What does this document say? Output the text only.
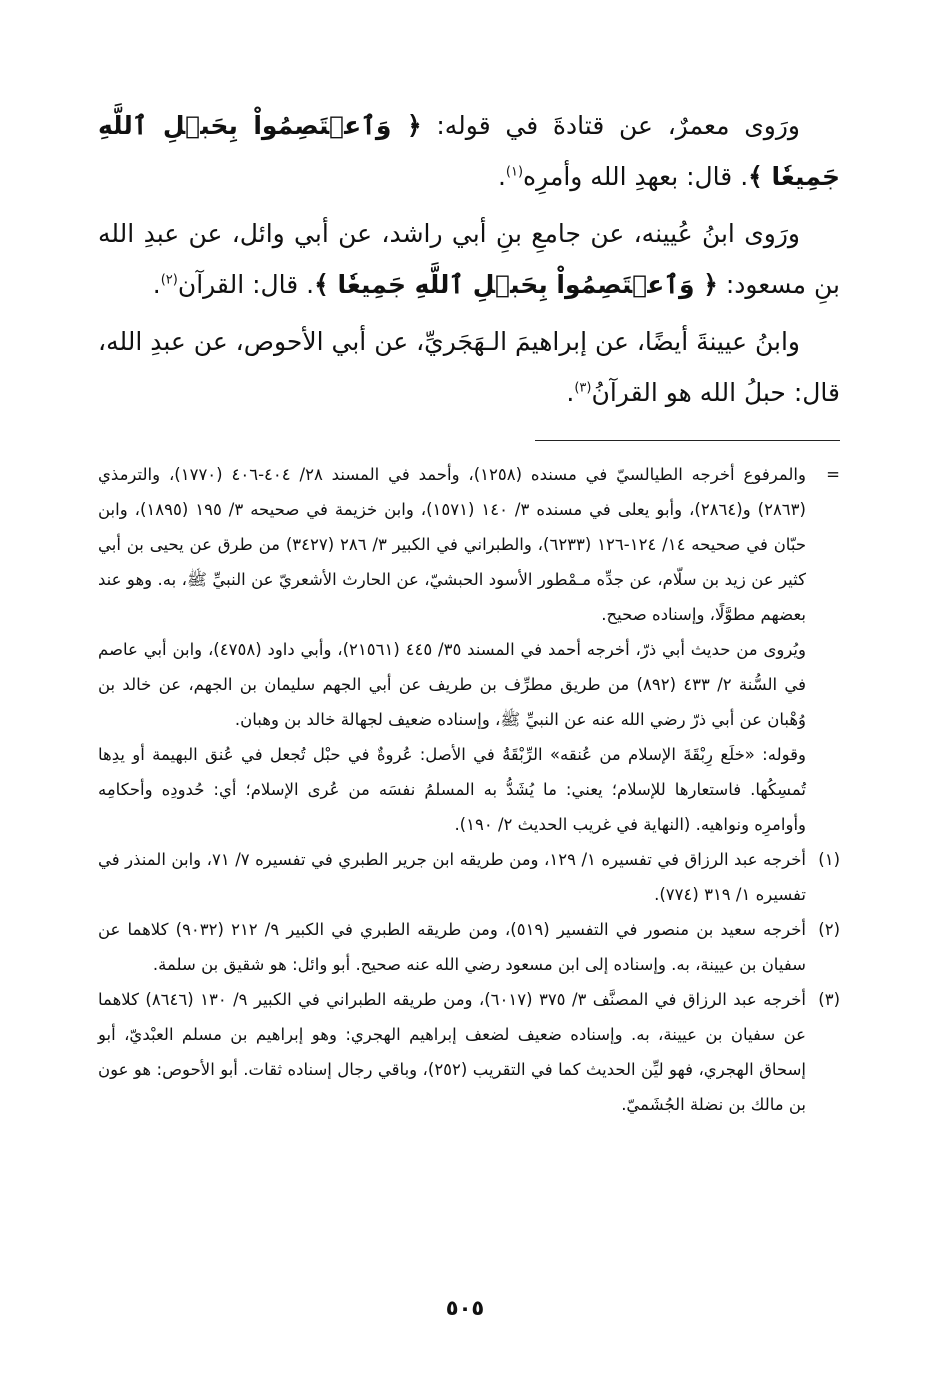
ورَوى معمرٌ، عن قتادةَ في قوله: ﴿ وَٱعۡتَصِمُواْ بِحَبۡلِ ٱللَّهِ جَمِيعٗا ﴾. قال: بعهدِ الله وأمرِه$^{(١)}$.

ورَوى ابنُ عُيينه، عن جامعِ بنِ أبي راشد، عن أبي وائل، عن عبدِ الله بنِ مسعود: ﴿ وَٱعۡتَصِمُواْ بِحَبۡلِ ٱللَّهِ جَمِيعٗا ﴾. قال: القرآن$^{(٢)}$.

وابنُ عيينةَ أيضًا، عن إبراهيمَ الـهَجَريِّ، عن أبي الأحوص، عن عبدِ الله، قال: حبلُ الله هو القرآنُ$^{(٣)}$.

=

والمرفوع أخرجه الطيالسيّ في مسنده (١٢٥٨)، وأحمد في المسند ٢٨/ ٤٠٤-٤٠٦ (١٧٧٠)، والترمذي (٢٨٦٣) و(٢٨٦٤)، وأبو يعلى في مسنده ٣/ ١٤٠ (١٥٧١)، وابن خزيمة في صحيحه ٣/ ١٩٥ (١٨٩٥)، وابن حبّان في صحيحه ١٤/ ١٢٤-١٢٦ (٦٢٣٣)، والطبراني في الكبير ٣/ ٢٨٦ (٣٤٢٧) من طرق عن يحيى بن أبي كثير عن زيد بن سلّام، عن جدِّه مـمْطور الأسود الحبشيّ، عن الحارث الأشعريّ عن النبيِّ ﷺ، به. وهو عند بعضهم مطوَّلًا، وإسناده صحيح.

ويُروى من حديث أبي ذرّ، أخرجه أحمد في المسند ٣٥/ ٤٤٥ (٢١٥٦١)، وأبي داود (٤٧٥٨)، وابن أبي عاصم في السُّنة ٢/ ٤٣٣ (٨٩٢) من طريق مطرِّف بن طريف عن أبي الجهم سليمان بن الجهم، عن خالد بن وُهْبان عن أبي ذرّ رضي الله عنه عن النبيِّ ﷺ، وإسناده ضعيف لجهالة خالد بن وهبان.

وقوله: «خلَع رِبْقَةَ الإسلام من عُنقه» الرِّبْقَةُ في الأصل: عُروةٌ في حبْل تُجعل في عُنق البهيمة أو يدِها تُمسِكُها. فاستعارها للإسلام؛ يعني: ما يُشَدُّ به المسلمُ نفسَه من عُرى الإسلام؛ أي: حُدودِه وأحكامِه وأوامرِه ونواهيه. (النهاية في غريب الحديث ٢/ ١٩٠).

(١)

أخرجه عبد الرزاق في تفسيره ١/ ١٢٩، ومن طريقه ابن جرير الطبري في تفسيره ٧/ ٧١، وابن المنذر في تفسيره ١/ ٣١٩ (٧٧٤).

(٢)

أخرجه سعيد بن منصور في التفسير (٥١٩)، ومن طريقه الطبري في الكبير ٩/ ٢١٢ (٩٠٣٢) كلاهما عن سفيان بن عيينة، به. وإسناده إلى ابن مسعود رضي الله عنه صحيح. أبو وائل: هو شقيق بن سلمة.

(٣)

أخرجه عبد الرزاق في المصنَّف ٣/ ٣٧٥ (٦٠١٧)، ومن طريقه الطبراني في الكبير ٩/ ١٣٠ (٨٦٤٦) كلاهما عن سفيان بن عيينة، به. وإسناده ضعيف لضعف إبراهيم الهجري: وهو إبراهيم بن مسلم العبْديّ، أبو إسحاق الهجري، فهو ليِّن الحديث كما في التقريب (٢٥٢)، وباقي رجال إسناده ثقات. أبو الأحوص: هو عون بن مالك بن نضلة الجُشَميّ.

٥٠٥
